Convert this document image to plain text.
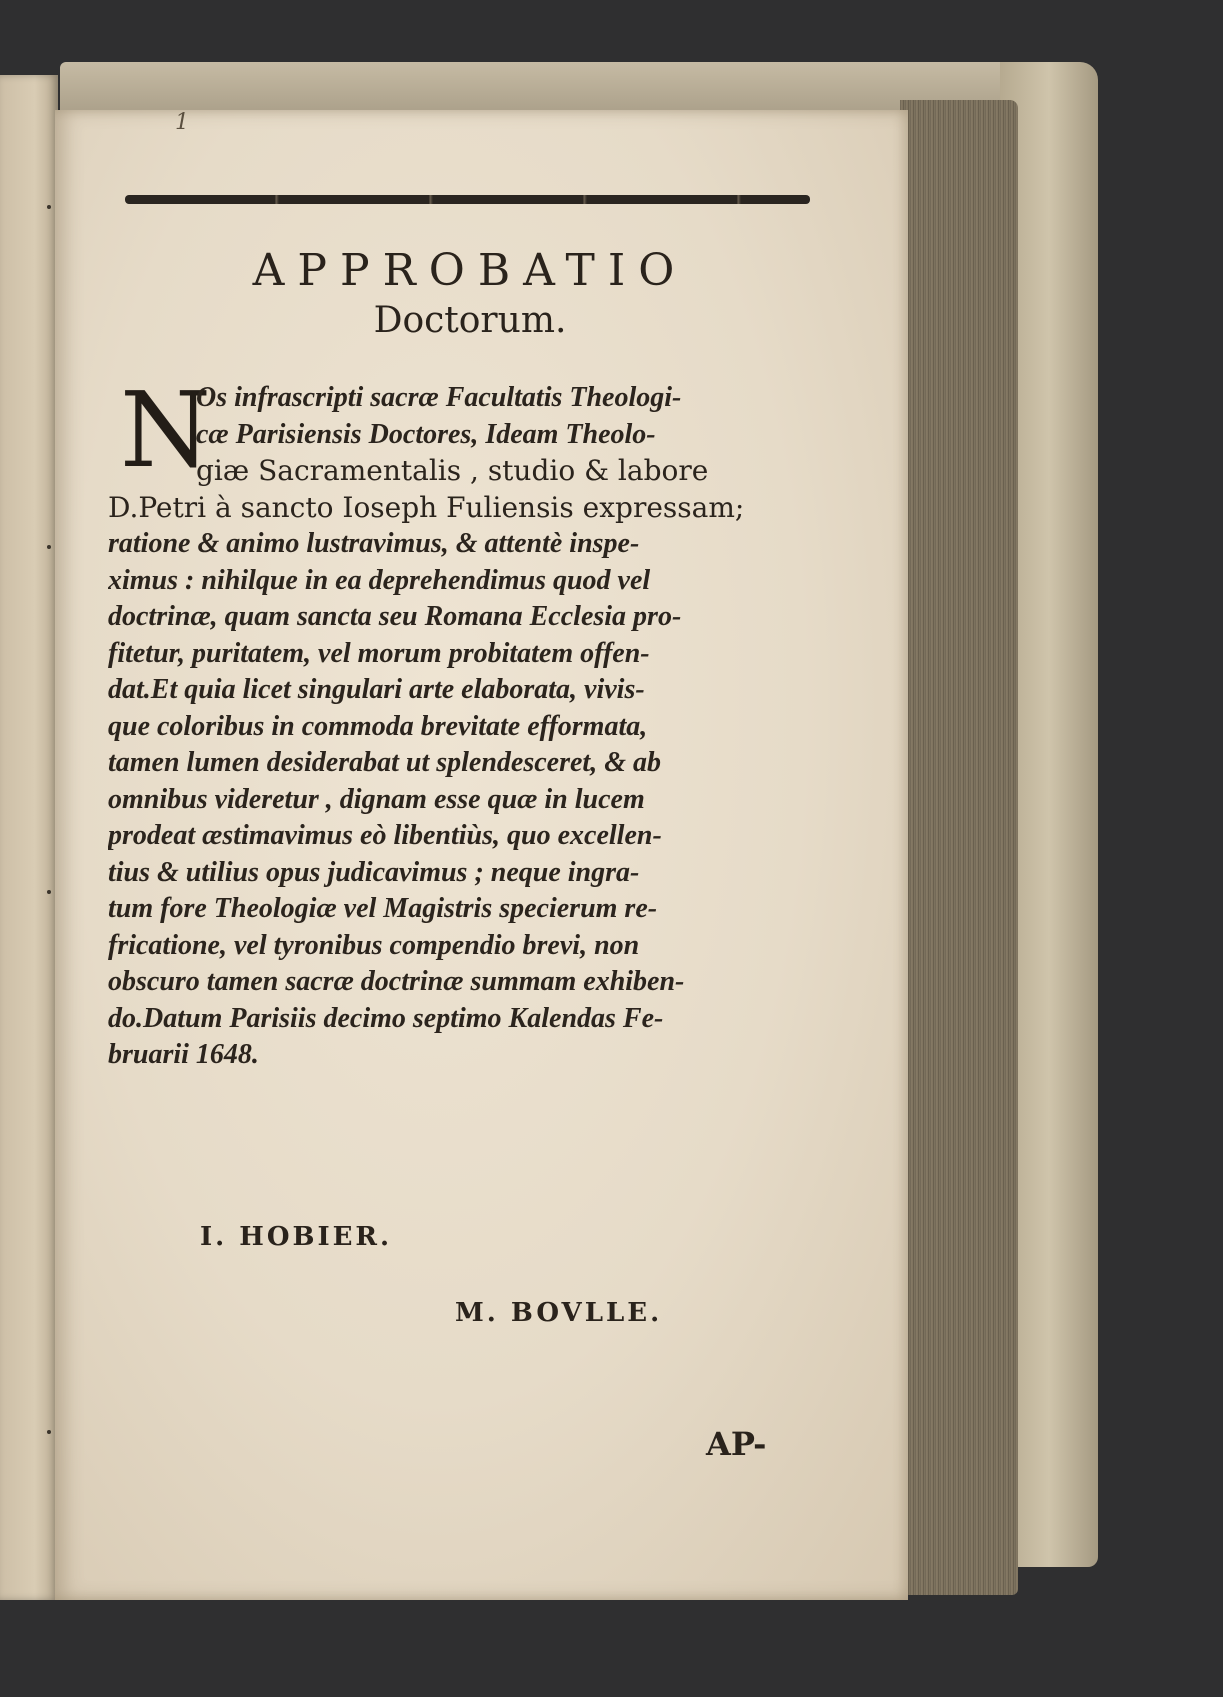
1
APPROBATIO
Doctorum.
N
Os infrascripti sacræ Facultatis Theologi-
cæ Parisiensis Doctores, Ideam Theolo-
giæ Sacramentalis , studio & labore
D.Petri à sancto Ioseph Fuliensis expressam;
ratione & animo lustravimus, & attentè inspe-
ximus : nihilque in ea deprehendimus quod vel
doctrinæ, quam sancta seu Romana Ecclesia pro-
fitetur, puritatem, vel morum probitatem offen-
dat.Et quia licet singulari arte elaborata, vivis-
que coloribus in commoda brevitate efformata,
tamen lumen desiderabat ut splendesceret, & ab
omnibus videretur , dignam esse quæ in lucem
prodeat æstimavimus eò libentiùs, quo excellen-
tius & utilius opus judicavimus ; neque ingra-
tum fore Theologiæ vel Magistris specierum re-
fricatione, vel tyronibus compendio brevi, non
obscuro tamen sacræ doctrinæ summam exhiben-
do.Datum Parisiis decimo septimo Kalendas Fe-
bruarii 1648.
I. HOBIER.
M. BOVLLE.
AP-
